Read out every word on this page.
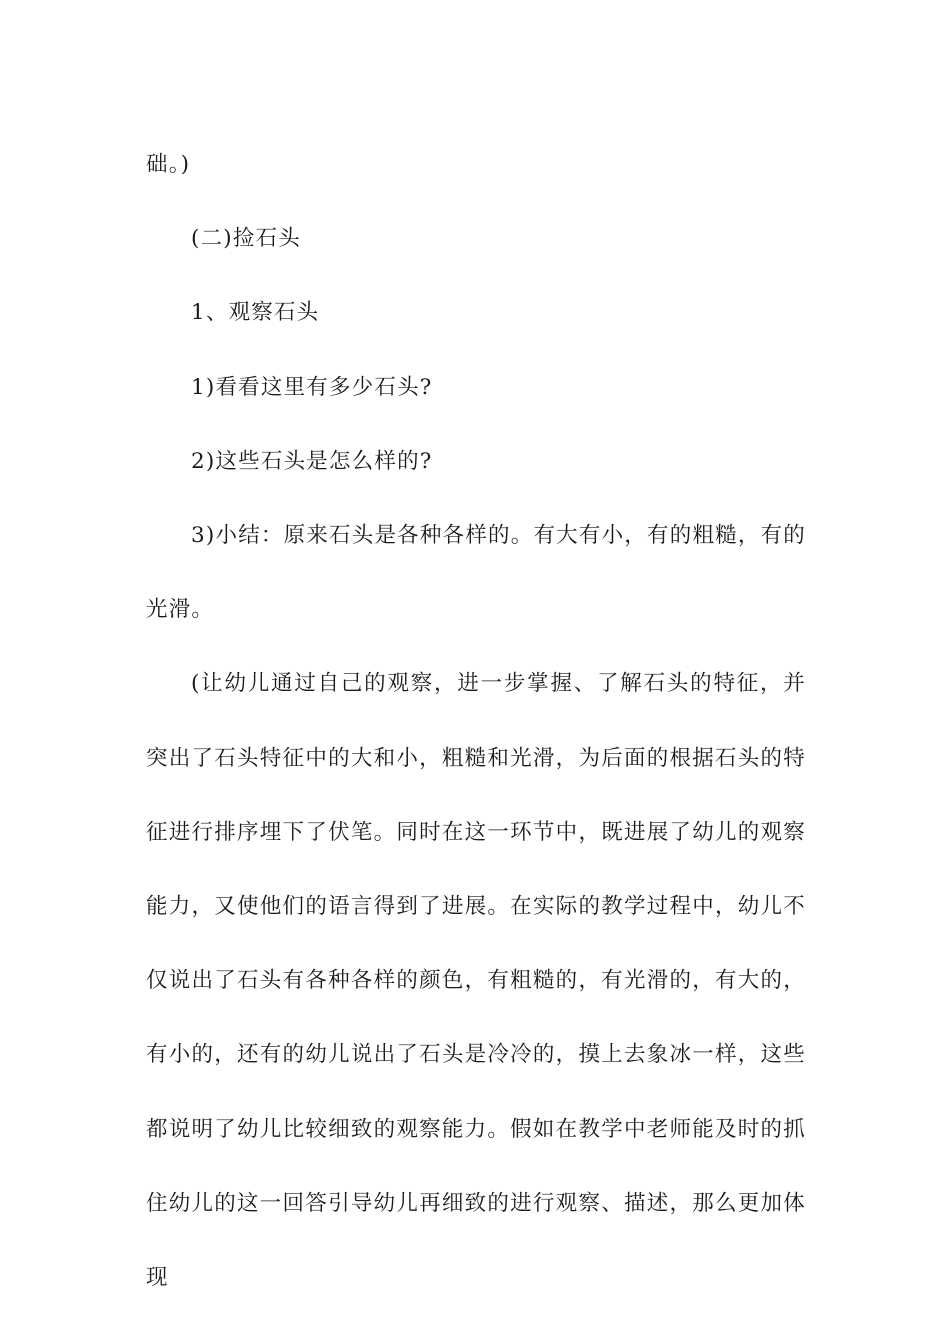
础。)

(二)捡石头

1、观察石头

1)看看这里有多少石头?

2)这些石头是怎么样的?

3)小结：原来石头是各种各样的。有大有小，有的粗糙，有的光滑。

(让幼儿通过自己的观察，进一步掌握、了解石头的特征，并突出了石头特征中的大和小，粗糙和光滑，为后面的根据石头的特征进行排序埋下了伏笔。同时在这一环节中，既进展了幼儿的观察能力，又使他们的语言得到了进展。在实际的教学过程中，幼儿不仅说出了石头有各种各样的颜色，有粗糙的，有光滑的，有大的，有小的，还有的幼儿说出了石头是冷冷的，摸上去象冰一样，这些都说明了幼儿比较细致的观察能力。假如在教学中老师能及时的抓住幼儿的这一回答引导幼儿再细致的进行观察、描述，那么更加体现
